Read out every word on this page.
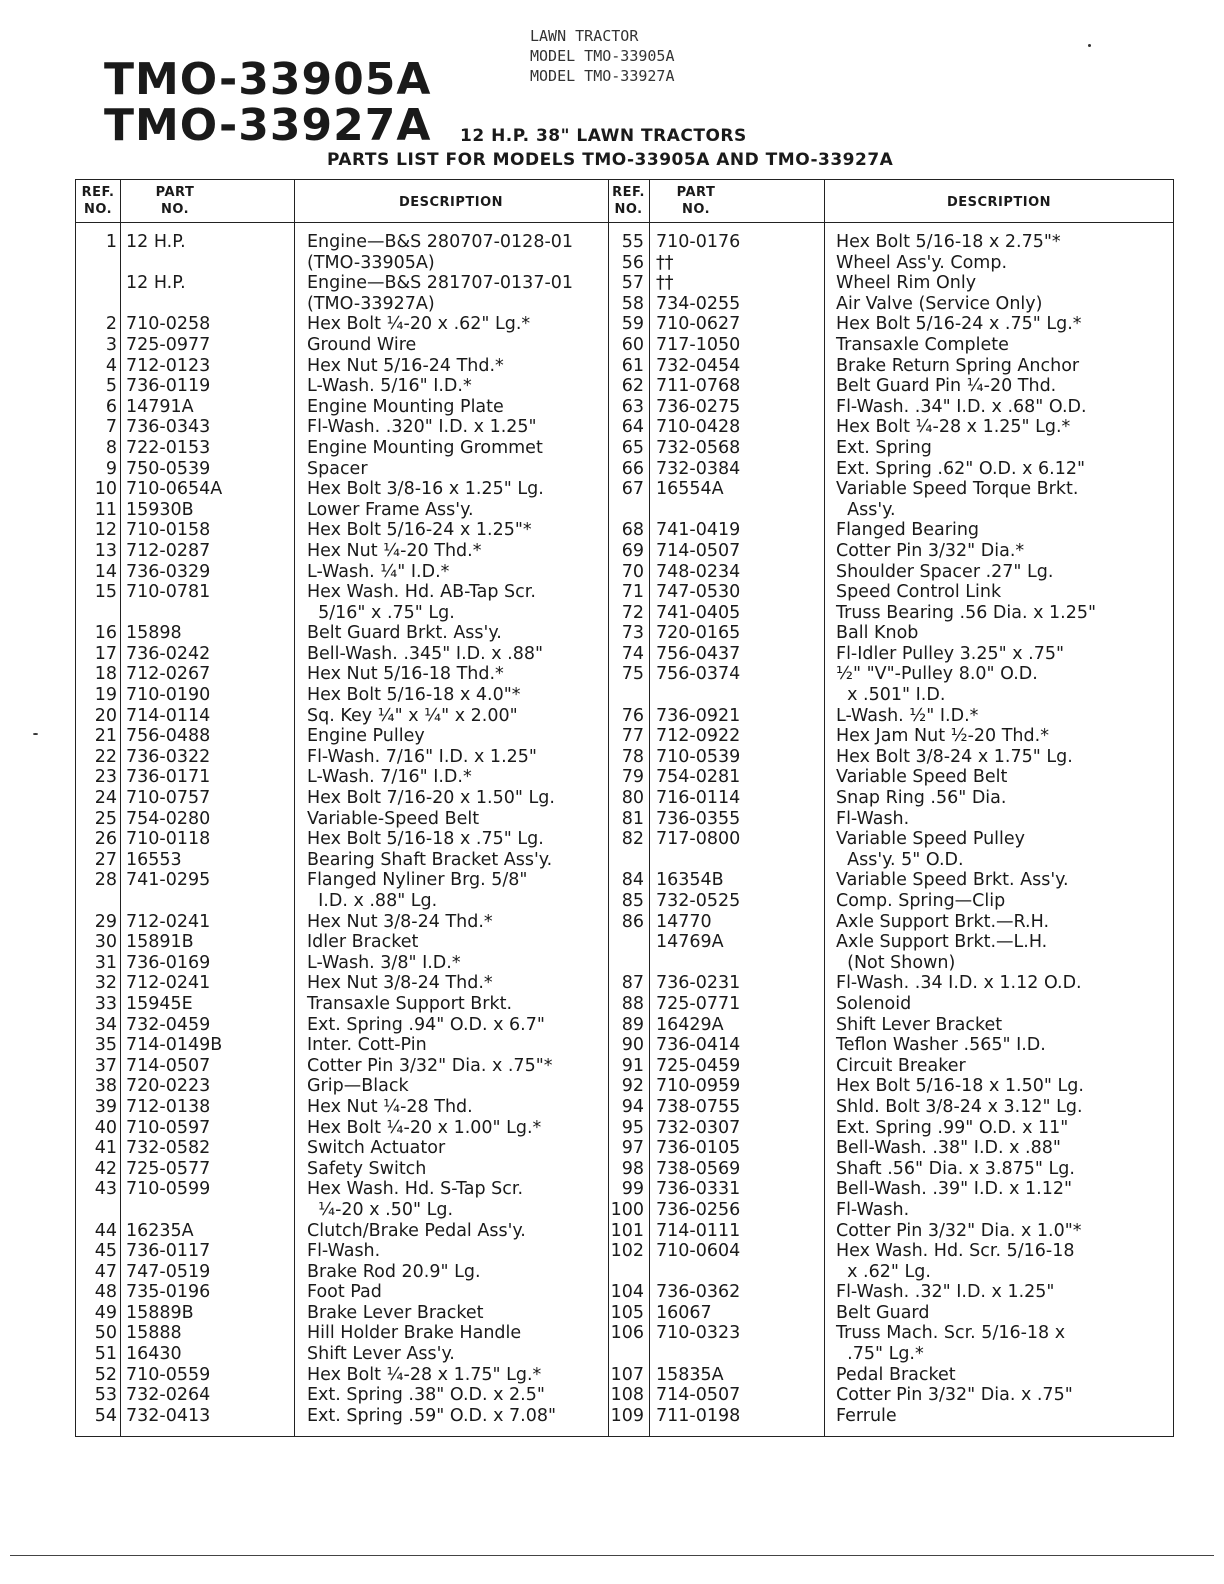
TMO-33905A
TMO-33927A
LAWN TRACTOR
MODEL TMO-33905A
MODEL TMO-33927A
12 H.P. 38" LAWN TRACTORS
PARTS LIST FOR MODELS TMO-33905A AND TMO-33927A
REF.
NO.
PART
NO.	DESCRIPTION
REF.
NO.
PART
NO.	DESCRIPTION
1
2
3
4
5
6
7
8
9
10
11
12
13
14
15
16
17
18
19
20
21
22
23
24
25
26
27
28
29
30
31
32
33
34
35
37
38
39
40
41
42
43
44
45
47
48
49
50
51
52
53
54
12 H.P.
12 H.P.
710-0258
725-0977
712-0123
736-0119
14791A
736-0343
722-0153
750-0539
710-0654A
15930B
710-0158
712-0287
736-0329
710-0781
15898
736-0242
712-0267
710-0190
714-0114
756-0488
736-0322
736-0171
710-0757
754-0280
710-0118
16553
741-0295
712-0241
15891B
736-0169
712-0241
15945E
732-0459
714-0149B
714-0507
720-0223
712-0138
710-0597
732-0582
725-0577
710-0599
16235A
736-0117
747-0519
735-0196
15889B
15888
16430
710-0559
732-0264
732-0413
Engine—B&S 280707-0128-01
(TMO-33905A)
Engine—B&S 281707-0137-01
(TMO-33927A)
Hex Bolt ¼-20 x .62" Lg.*
Ground Wire
Hex Nut 5/16-24 Thd.*
L-Wash. 5/16" I.D.*
Engine Mounting Plate
Fl-Wash. .320" I.D. x 1.25"
Engine Mounting Grommet
Spacer
Hex Bolt 3/8-16 x 1.25" Lg.
Lower Frame Ass'y.
Hex Bolt 5/16-24 x 1.25"*
Hex Nut ¼-20 Thd.*
L-Wash. ¼" I.D.*
Hex Wash. Hd. AB-Tap Scr.
5/16" x .75" Lg.
Belt Guard Brkt. Ass'y.
Bell-Wash. .345" I.D. x .88"
Hex Nut 5/16-18 Thd.*
Hex Bolt 5/16-18 x 4.0"*
Sq. Key ¼" x ¼" x 2.00"
Engine Pulley
Fl-Wash. 7/16" I.D. x 1.25"
L-Wash. 7/16" I.D.*
Hex Bolt 7/16-20 x 1.50" Lg.
Variable-Speed Belt
Hex Bolt 5/16-18 x .75" Lg.
Bearing Shaft Bracket Ass'y.
Flanged Nyliner Brg. 5/8"
I.D. x .88" Lg.
Hex Nut 3/8-24 Thd.*
Idler Bracket
L-Wash. 3/8" I.D.*
Hex Nut 3/8-24 Thd.*
Transaxle Support Brkt.
Ext. Spring .94" O.D. x 6.7"
Inter. Cott-Pin
Cotter Pin 3/32" Dia. x .75"*
Grip—Black
Hex Nut ¼-28 Thd.
Hex Bolt ¼-20 x 1.00" Lg.*
Switch Actuator
Safety Switch
Hex Wash. Hd. S-Tap Scr.
¼-20 x .50" Lg.
Clutch/Brake Pedal Ass'y.
Fl-Wash.
Brake Rod 20.9" Lg.
Foot Pad
Brake Lever Bracket
Hill Holder Brake Handle
Shift Lever Ass'y.
Hex Bolt ¼-28 x 1.75" Lg.*
Ext. Spring .38" O.D. x 2.5"
Ext. Spring .59" O.D. x 7.08"
55
56
57
58
59
60
61
62
63
64
65
66
67
68
69
70
71
72
73
74
75
76
77
78
79
80
81
82
84
85
86
87
88
89
90
91
92
94
95
97
98
99
100
101
102
104
105
106
107
108
109
710-0176
††
††
734-0255
710-0627
717-1050
732-0454
711-0768
736-0275
710-0428
732-0568
732-0384
16554A
741-0419
714-0507
748-0234
747-0530
741-0405
720-0165
756-0437
756-0374
736-0921
712-0922
710-0539
754-0281
716-0114
736-0355
717-0800
16354B
732-0525
14770
14769A
736-0231
725-0771
16429A
736-0414
725-0459
710-0959
738-0755
732-0307
736-0105
738-0569
736-0331
736-0256
714-0111
710-0604
736-0362
16067
710-0323
15835A
714-0507
711-0198
Hex Bolt 5/16-18 x 2.75"*
Wheel Ass'y. Comp.
Wheel Rim Only
Air Valve (Service Only)
Hex Bolt 5/16-24 x .75" Lg.*
Transaxle Complete
Brake Return Spring Anchor
Belt Guard Pin ¼-20 Thd.
Fl-Wash. .34" I.D. x .68" O.D.
Hex Bolt ¼-28 x 1.25" Lg.*
Ext. Spring
Ext. Spring .62" O.D. x 6.12"
Variable Speed Torque Brkt.
Ass'y.
Flanged Bearing
Cotter Pin 3/32" Dia.*
Shoulder Spacer .27" Lg.
Speed Control Link
Truss Bearing .56 Dia. x 1.25"
Ball Knob
Fl-Idler Pulley 3.25" x .75"
½" "V"-Pulley 8.0" O.D.
x .501" I.D.
L-Wash. ½" I.D.*
Hex Jam Nut ½-20 Thd.*
Hex Bolt 3/8-24 x 1.75" Lg.
Variable Speed Belt
Snap Ring .56" Dia.
Fl-Wash.
Variable Speed Pulley
Ass'y. 5" O.D.
Variable Speed Brkt. Ass'y.
Comp. Spring—Clip
Axle Support Brkt.—R.H.
Axle Support Brkt.—L.H.
(Not Shown)
Fl-Wash. .34 I.D. x 1.12 O.D.
Solenoid
Shift Lever Bracket
Teflon Washer .565" I.D.
Circuit Breaker
Hex Bolt 5/16-18 x 1.50" Lg.
Shld. Bolt 3/8-24 x 3.12" Lg.
Ext. Spring .99" O.D. x 11"
Bell-Wash. .38" I.D. x .88"
Shaft .56" Dia. x 3.875" Lg.
Bell-Wash. .39" I.D. x 1.12"
Fl-Wash.
Cotter Pin 3/32" Dia. x 1.0"*
Hex Wash. Hd. Scr. 5/16-18
x .62" Lg.
Fl-Wash. .32" I.D. x 1.25"
Belt Guard
Truss Mach. Scr. 5/16-18 x
.75" Lg.*
Pedal Bracket
Cotter Pin 3/32" Dia. x .75"
Ferrule
